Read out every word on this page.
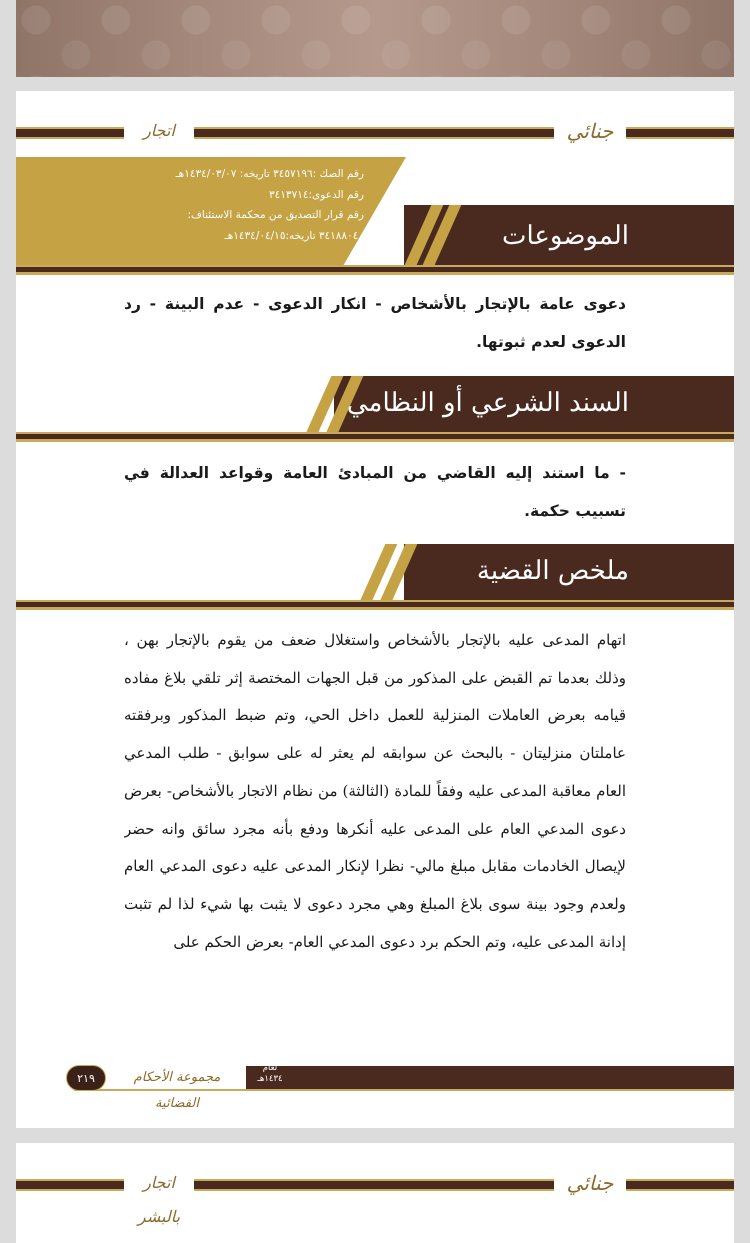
اتجار	جنائي
الموضوعات
رقم الصك :٣٤٥٧١٩٦ تاريخه: ١٤٣٤/٠٣/٠٧هـ
رقم الدعوى:٣٤١٣٧١٤
رقم قرار التصديق من محكمة الاستئناف:
٣٤١٨٨٠٤٠ تاريخه:١٤٣٤/٠٤/١٥هـ
دعوى عامة بالإتجار بالأشخاص - انكار الدعوى - عدم البينة - رد الدعوى لعدم ثبوتها.
السند الشرعي أو النظامي
- ما استند إليه القاضي من المبادئ العامة وقواعد العدالة في تسبيب حكمة.
ملخص القضية
اتهام المدعى عليه بالإتجار بالأشخاص واستغلال ضعف من يقوم بالإتجار بهن ، وذلك بعدما تم القبض على المذكور من قبل الجهات المختصة إثر تلقي بلاغ مفاده قيامه بعرض العاملات المنزلية للعمل داخل الحي، وتم ضبط المذكور وبرفقته عاملتان منزليتان - بالبحث عن سوابقه لم يعثر له على سوابق - طلب المدعي العام معاقبة المدعى عليه وفقاً للمادة (الثالثة) من نظام الاتجار بالأشخاص- بعرض دعوى المدعي العام على المدعى عليه أنكرها ودفع بأنه مجرد سائق وانه حضر لإيصال الخادمات مقابل مبلغ مالي- نظرا لإنكار المدعى عليه دعوى المدعي العام ولعدم وجود بينة سوى بلاغ المبلغ وهي مجرد دعوى لا يثبت بها شيء لذا لم تثبت إدانة المدعى عليه، وتم الحكم برد دعوى المدعي العام- بعرض الحكم على
لعام
١٤٣٤هـ
مجموعة الأحكام القضائية
٢١٩
اتجار بالبشر
جنائي
